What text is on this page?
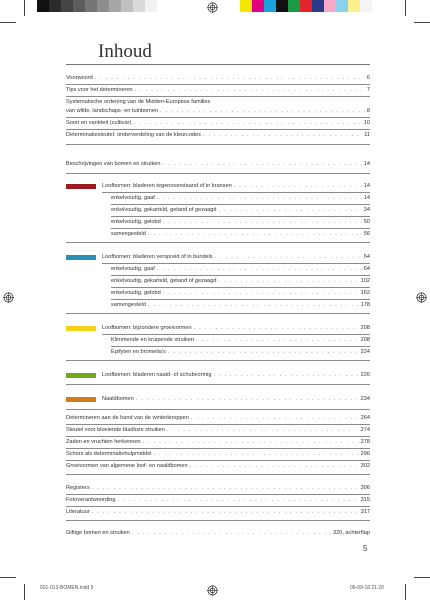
Inhoud
Voorwoord . . .	6
Tips voor het determineren . . .	7
Systematische ordening van de Midden-Europese families
van wilde, landschaps- en tuinbomen . . .	8
Soort en variëteit (cultivar) . . .	10
Determinatiesleutel: onderverdeling van de kleurcodes . . .	11
Beschrijvingen van bomen en struiken . . .	14
Loofbomen: bladeren tegenoverstaand of in kransen . . .	14
enkelvoudig, gaaf . . .	14
enkelvoudig, gekarteld, getand of gezaagd . . .	34
enkelvoudig, gelobd . . .	50
samengesteld . . .	56
Loofbomen: bladeren verspreid of in bundels . . .	64
enkelvoudig, gaaf . . .	64
enkelvoudig, gekarteld, getand of gezaagd . . .	102
enkelvoudig, gelobd . . .	162
samengesteld . . .	178
Loofbomen: bijzondere groeivormen . . .	208
Klimmende en kruipende struiken . . .	208
Epifyten en bromelia's . . .	224
Loofbomen: bladeren naald- of schubvormig . . .	226
Naaldbomen . . .	234
Determineren aan de hand van de winterknoppen . . .	264
Sleutel voor bloeiende bladloze struiken . . .	274
Zaden en vruchten herkennen . . .	278
Schors als determinatiehulpmiddel . . .	296
Groeivormen van algemene loof- en naaldbomen . . .	302
Registers . . .	306
Fotoverantwoording . . .	315
Literatuur . . .	317
Giftige bomen en struiken . . .	320, achterflap
5
001-013-BOMEN.indd 5	06-09-18 21:20
